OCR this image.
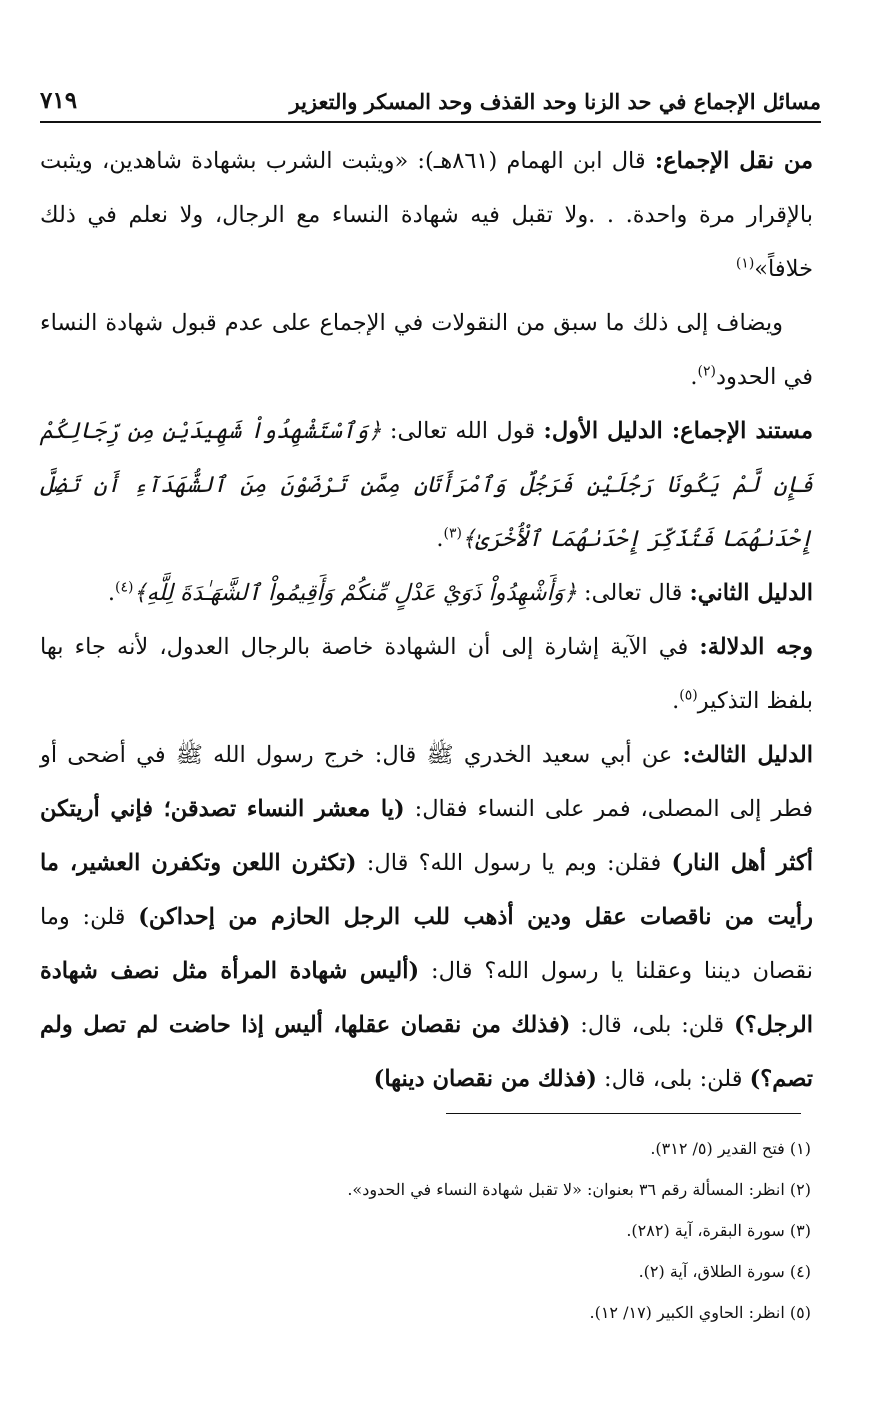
مسائل الإجماع في حد الزنا وحد القذف وحد المسكر والتعزير
٧١٩

من نقل الإجماع: قال ابن الهمام (٨٦١هـ): «ويثبت الشرب بشهادة شاهدين، ويثبت بالإقرار مرة واحدة. . .ولا تقبل فيه شهادة النساء مع الرجال، ولا نعلم في ذلك خلافاً»$^{(١)}$

ويضاف إلى ذلك ما سبق من النقولات في الإجماع على عدم قبول شهادة النساء في الحدود$^{(٢)}$.

مستند الإجماع: الدليل الأول: قول الله تعالى: ﴿وَٱسْتَشْهِدُواْ شَهِيدَيْنِ مِن رِّجَالِكُمْ فَإِن لَّمْ يَكُونَا رَجُلَيْنِ فَرَجُلٌ وَٱمْرَأَتَانِ مِمَّن تَرْضَوْنَ مِنَ ٱلشُّهَدَآءِ أَن تَضِلَّ إِحْدَىٰهُمَا فَتُذَكِّرَ إِحْدَىٰهُمَا ٱلْأُخْرَىٰ﴾$^{(٣)}$.

الدليل الثاني: قال تعالى: ﴿وَأَشْهِدُواْ ذَوَيْ عَدْلٍ مِّنكُمْ وَأَقِيمُواْ ٱلشَّهَـٰدَةَ لِلَّهِ﴾$^{(٤)}$.

وجه الدلالة: في الآية إشارة إلى أن الشهادة خاصة بالرجال العدول، لأنه جاء بها بلفظ التذكير$^{(٥)}$.

الدليل الثالث: عن أبي سعيد الخدري ﷺ قال: خرج رسول الله ﷺ في أضحى أو فطر إلى المصلى، فمر على النساء فقال: (يا معشر النساء تصدقن؛ فإني أريتكن أكثر أهل النار) فقلن: وبم يا رسول الله؟ قال: (تكثرن اللعن وتكفرن العشير، ما رأيت من ناقصات عقل ودين أذهب للب الرجل الحازم من إحداكن) قلن: وما نقصان ديننا وعقلنا يا رسول الله؟ قال: (أليس شهادة المرأة مثل نصف شهادة الرجل؟) قلن: بلى، قال: (فذلك من نقصان عقلها، أليس إذا حاضت لم تصل ولم تصم؟) قلن: بلى، قال: (فذلك من نقصان دينها)

(١) فتح القدير (٥/ ٣١٢).
(٢) انظر: المسألة رقم ٣٦ بعنوان: «لا تقبل شهادة النساء في الحدود».
(٣) سورة البقرة، آية (٢٨٢).
(٤) سورة الطلاق، آية (٢).
(٥) انظر: الحاوي الكبير (١٧/ ١٢).
